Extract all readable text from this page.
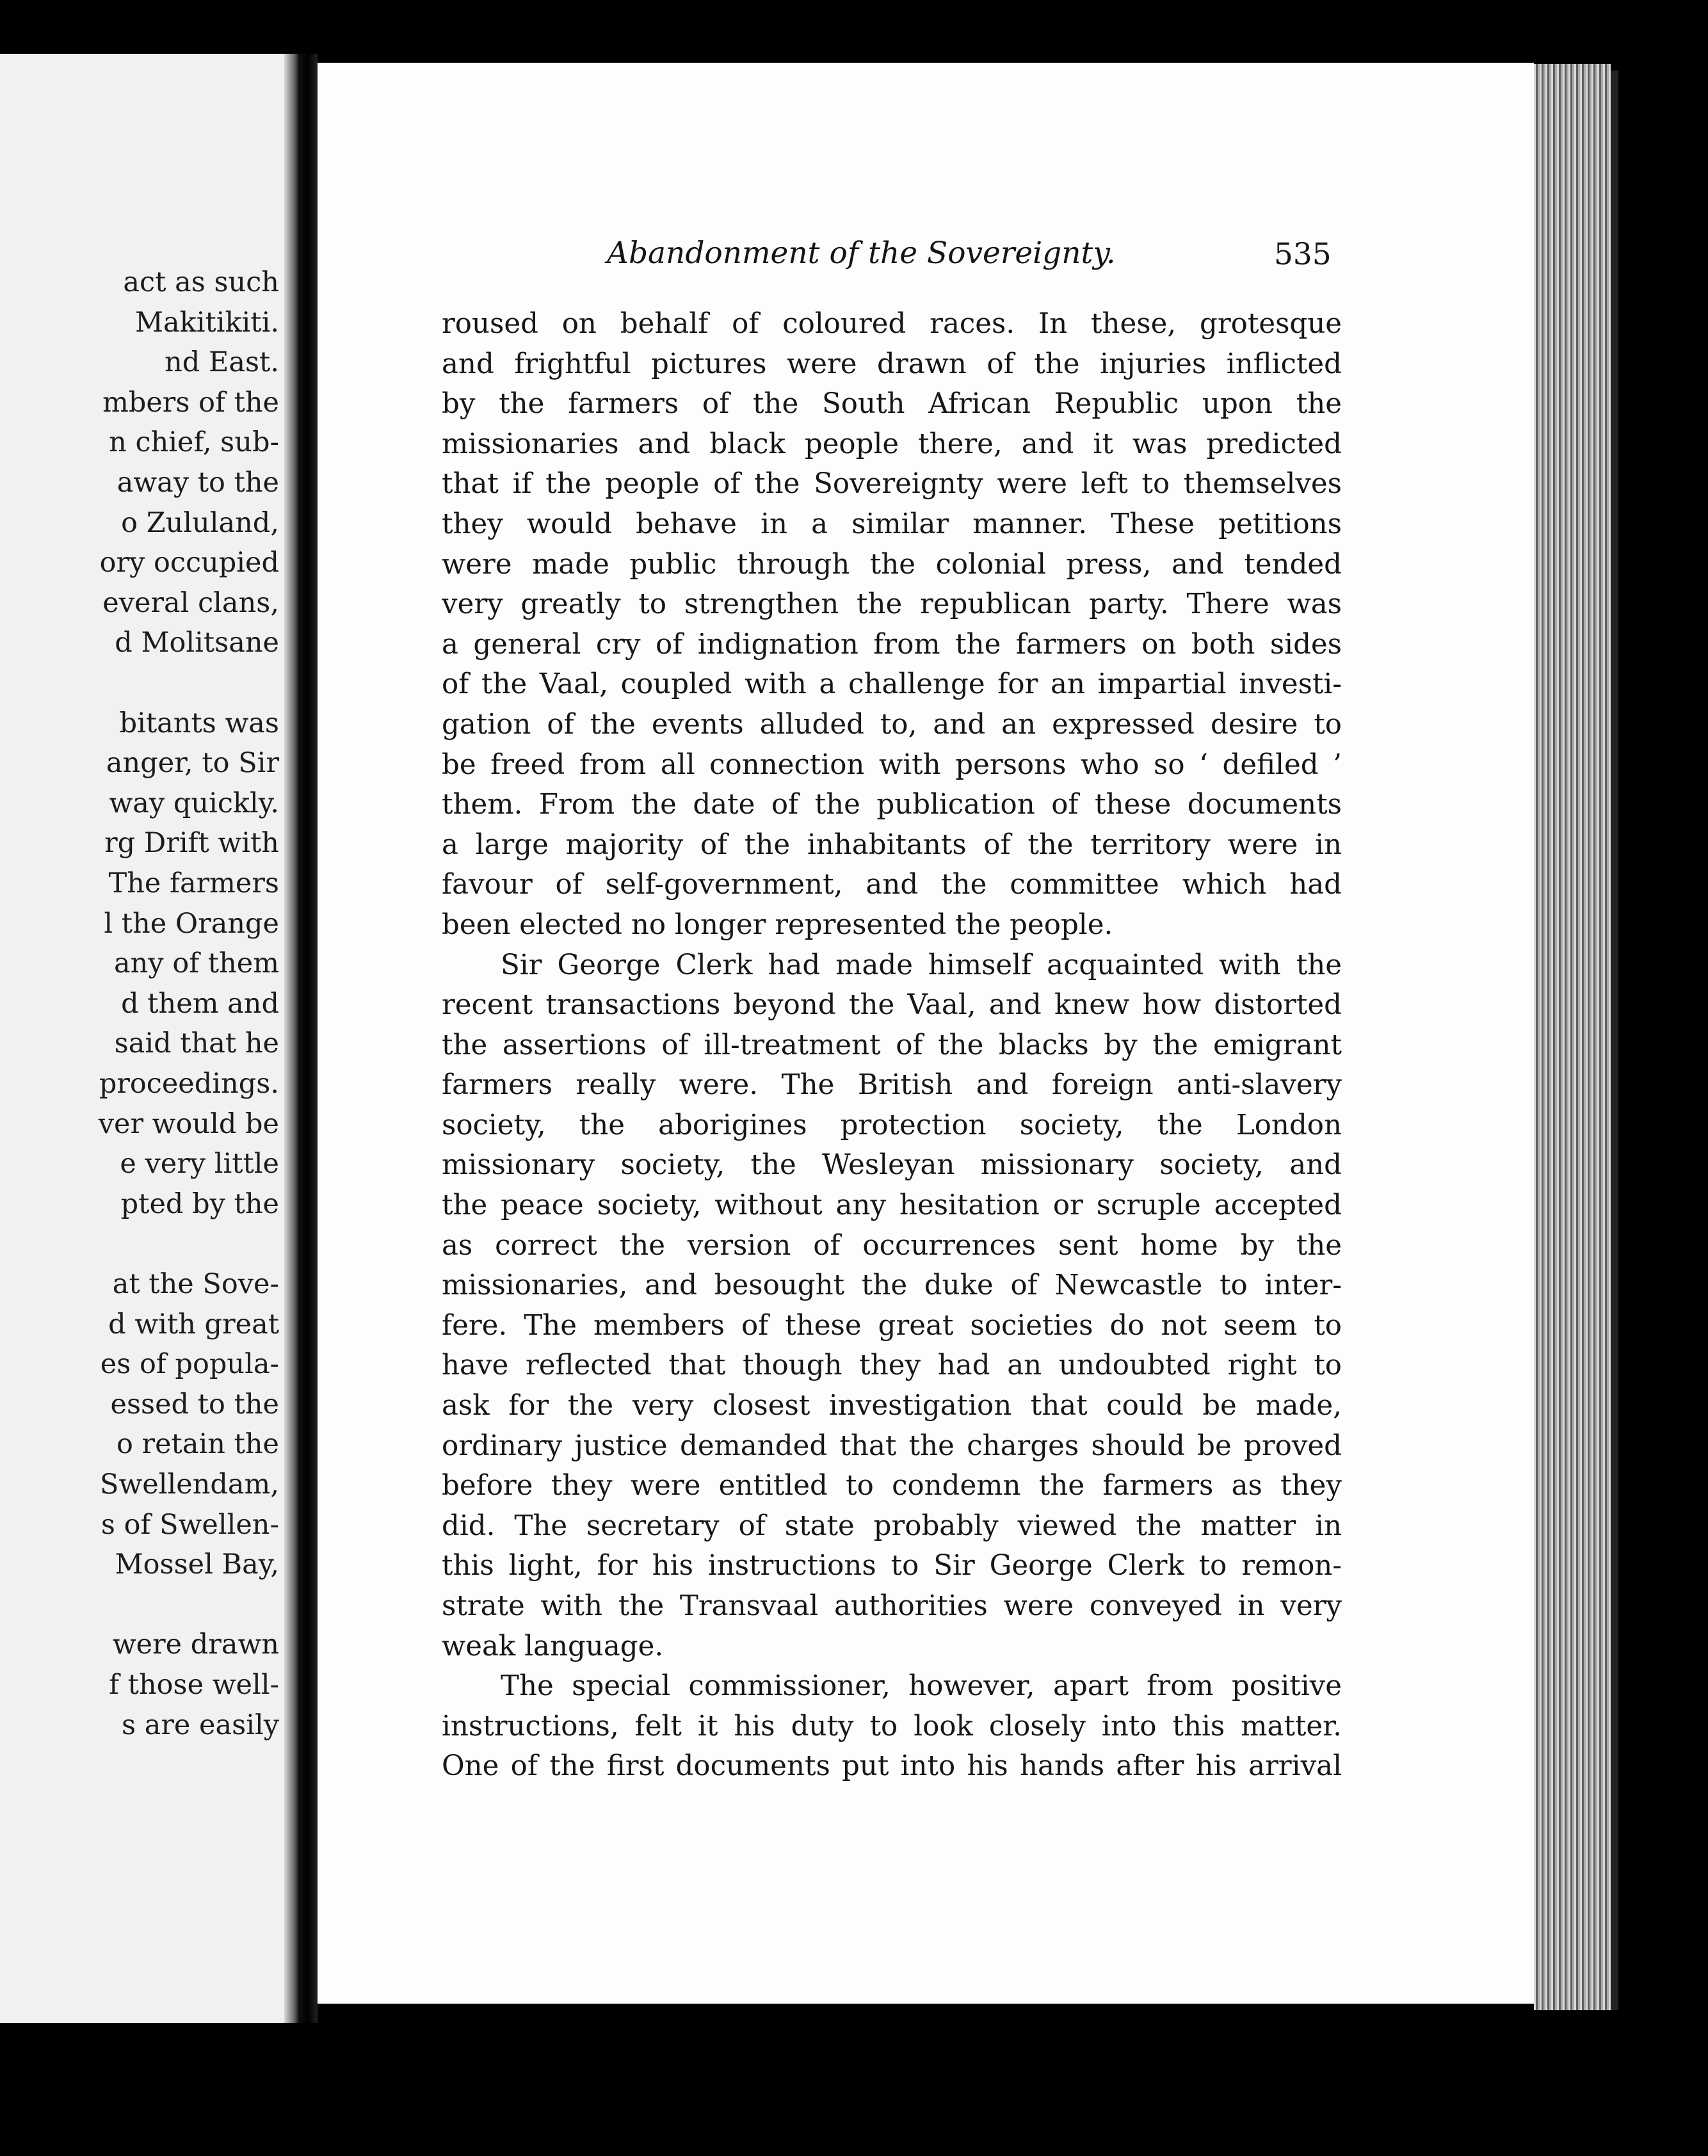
act as such
Makitikiti.
nd East.
mbers of the
n chief, sub-
away to the
o Zululand,
ory occupied
everal clans,
d Molitsane
bitants was
anger, to Sir
way quickly.
rg Drift with
The farmers
l the Orange
any of them
d them and
said that he
proceedings.
ver would be
e very little
pted by the
at the Sove-
d with great
es of popula-
essed to the
o retain the
Swellendam,
s of Swellen-
Mossel Bay,
were drawn
f those well-
s are easily
Abandonment of the Sovereignty.	535
roused on behalf of coloured races. In these, grotesque
and frightful pictures were drawn of the injuries inflicted
by the farmers of the South African Republic upon the
missionaries and black people there, and it was predicted
that if the people of the Sovereignty were left to themselves
they would behave in a similar manner. These petitions
were made public through the colonial press, and tended
very greatly to strengthen the republican party. There was
a general cry of indignation from the farmers on both sides
of the Vaal, coupled with a challenge for an impartial investi-
gation of the events alluded to, and an expressed desire to
be freed from all connection with persons who so ‘ defiled ’
them. From the date of the publication of these documents
a large majority of the inhabitants of the territory were in
favour of self-government, and the committee which had
been elected no longer represented the people.
Sir George Clerk had made himself acquainted with the
recent transactions beyond the Vaal, and knew how distorted
the assertions of ill-treatment of the blacks by the emigrant
farmers really were. The British and foreign anti-slavery
society, the aborigines protection society, the London
missionary society, the Wesleyan missionary society, and
the peace society, without any hesitation or scruple accepted
as correct the version of occurrences sent home by the
missionaries, and besought the duke of Newcastle to inter-
fere. The members of these great societies do not seem to
have reflected that though they had an undoubted right to
ask for the very closest investigation that could be made,
ordinary justice demanded that the charges should be proved
before they were entitled to condemn the farmers as they
did. The secretary of state probably viewed the matter in
this light, for his instructions to Sir George Clerk to remon-
strate with the Transvaal authorities were conveyed in very
weak language.
The special commissioner, however, apart from positive
instructions, felt it his duty to look closely into this matter.
One of the first documents put into his hands after his arrival
